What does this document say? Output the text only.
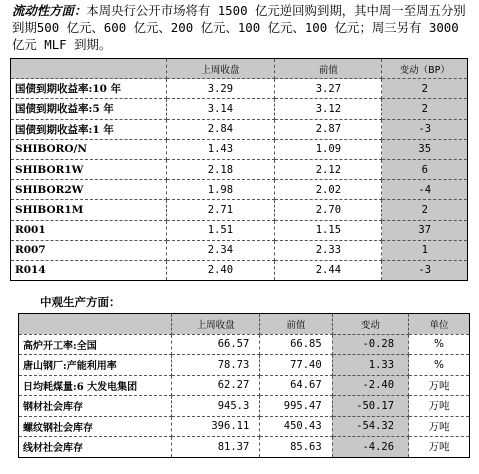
流动性方面：本周央行公开市场将有 1500 亿元逆回购到期，其中周一至周五分别到期500 亿元、600 亿元、200 亿元、100 亿元、100 亿元；周三另有 3000 亿元 MLF 到期。
	上周收盘	前值	变动（BP）
国债到期收益率:10 年	3.29	3.27	2
国债到期收益率:5 年	3.14	3.12	2
国债到期收益率:1 年	2.84	2.87	-3
SHIBORO/N	1.43	1.09	35
SHIBOR1W	2.18	2.12	6
SHIBOR2W	1.98	2.02	-4
SHIBOR1M	2.71	2.70	2
R001	1.51	1.15	37
R007	2.34	2.33	1
R014	2.40	2.44	-3
中观生产方面：
	上周收盘	前值	变动	单位
高炉开工率:全国	66.57	66.85	-0.28	%
唐山钢厂:产能利用率	78.73	77.40	1.33	%
日均耗煤量:6 大发电集团	62.27	64.67	-2.40	万吨
钢材社会库存	945.3	995.47	-50.17	万吨
螺纹钢社会库存	396.11	450.43	-54.32	万吨
线材社会库存	81.37	85.63	-4.26	万吨
